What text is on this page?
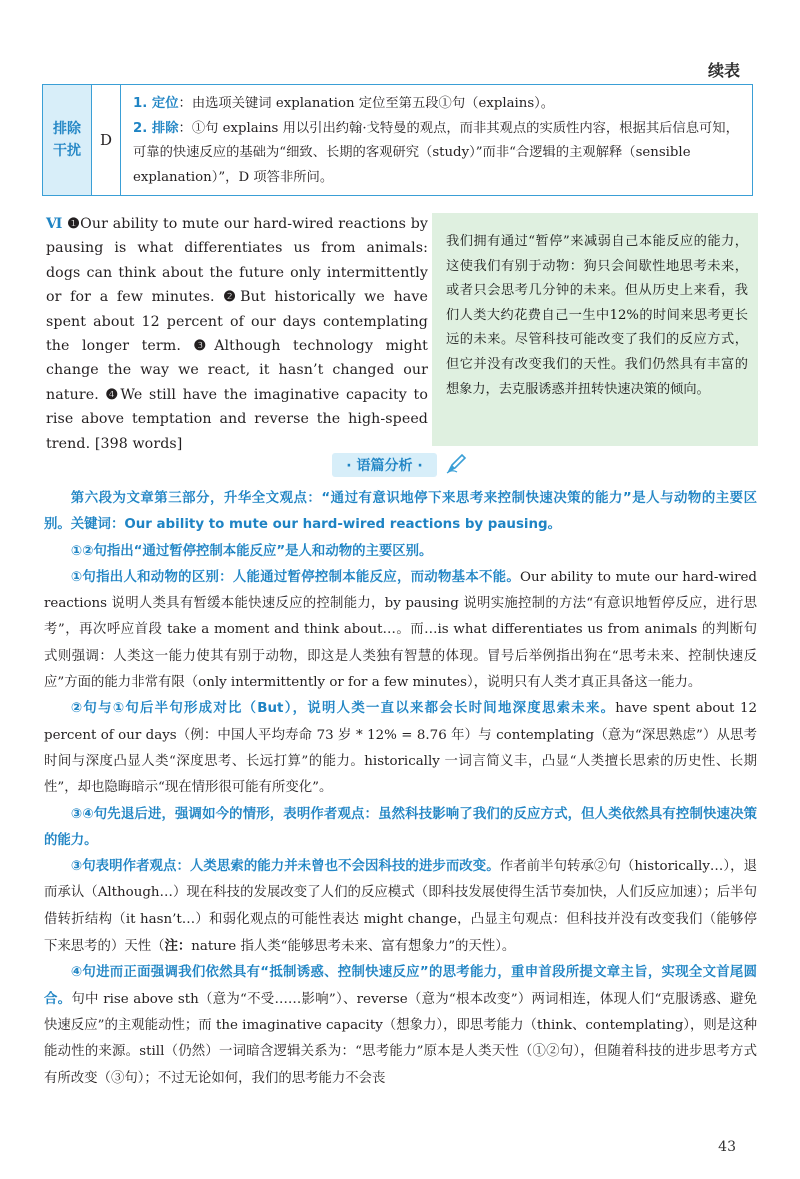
续表
排除干扰
D

1. 定位：由选项关键词 explanation 定位至第五段①句（explains）。

2. 排除：①句 explains 用以引出约翰·戈特曼的观点，而非其观点的实质性内容，根据其后信息可知，可靠的快速反应的基础为“细致、长期的客观研究（study）”而非“合逻辑的主观解释（sensible explanation）”，D 项答非所问。

Ⅵ ❶Our ability to mute our hard-wired reactions by pausing is what differentiates us from animals: dogs can think about the future only intermittently or for a few minutes. ❷But historically we have spent about 12 percent of our days contemplating the longer term. ❸Although technology might change the way we react, it hasn’t changed our nature. ❹We still have the imaginative capacity to rise above temptation and reverse the high-speed trend. [398 words]
我们拥有通过“暂停”来减弱自己本能反应的能力，这使我们有别于动物：狗只会间歇性地思考未来，或者只会思考几分钟的未来。但从历史上来看，我们人类大约花费自己一生中12%的时间来思考更长远的未来。尽管科技可能改变了我们的反应方式，但它并没有改变我们的天性。我们仍然具有丰富的想象力，去克服诱惑并扭转快速决策的倾向。
· 语篇分析 ·

第六段为文章第三部分，升华全文观点：“通过有意识地停下来思考来控制快速决策的能力”是人与动物的主要区别。关键词：Our ability to mute our hard-wired reactions by pausing。

①②句指出“通过暂停控制本能反应”是人和动物的主要区别。

①句指出人和动物的区别：人能通过暂停控制本能反应，而动物基本不能。Our ability to mute our hard-wired reactions 说明人类具有暂缓本能快速反应的控制能力，by pausing 说明实施控制的方法“有意识地暂停反应，进行思考”，再次呼应首段 take a moment and think about…。而…is what differentiates us from animals 的判断句式则强调：人类这一能力使其有别于动物，即这是人类独有智慧的体现。冒号后举例指出狗在“思考未来、控制快速反应”方面的能力非常有限（only intermittently or for a few minutes），说明只有人类才真正具备这一能力。

②句与①句后半句形成对比（But），说明人类一直以来都会长时间地深度思索未来。have spent about 12 percent of our days（例：中国人平均寿命 73 岁 * 12% = 8.76 年）与 contemplating（意为“深思熟虑”）从思考时间与深度凸显人类“深度思考、长远打算”的能力。historically 一词言简义丰，凸显“人类擅长思索的历史性、长期性”，却也隐晦暗示“现在情形很可能有所变化”。

③④句先退后进，强调如今的情形，表明作者观点：虽然科技影响了我们的反应方式，但人类依然具有控制快速决策的能力。

③句表明作者观点：人类思索的能力并未曾也不会因科技的进步而改变。作者前半句转承②句（historically…），退而承认（Although…）现在科技的发展改变了人们的反应模式（即科技发展使得生活节奏加快，人们反应加速）；后半句借转折结构（it hasn’t…）和弱化观点的可能性表达 might change，凸显主句观点：但科技并没有改变我们（能够停下来思考的）天性（注：nature 指人类“能够思考未来、富有想象力”的天性）。

④句进而正面强调我们依然具有“抵制诱惑、控制快速反应”的思考能力，重申首段所提文章主旨，实现全文首尾圆合。句中 rise above sth（意为“不受……影响”）、reverse（意为“根本改变”）两词相连，体现人们“克服诱惑、避免快速反应”的主观能动性；而 the imaginative capacity（想象力），即思考能力（think、contemplating），则是这种能动性的来源。still（仍然）一词暗含逻辑关系为：“思考能力”原本是人类天性（①②句），但随着科技的进步思考方式有所改变（③句）；不过无论如何，我们的思考能力不会丧

43
